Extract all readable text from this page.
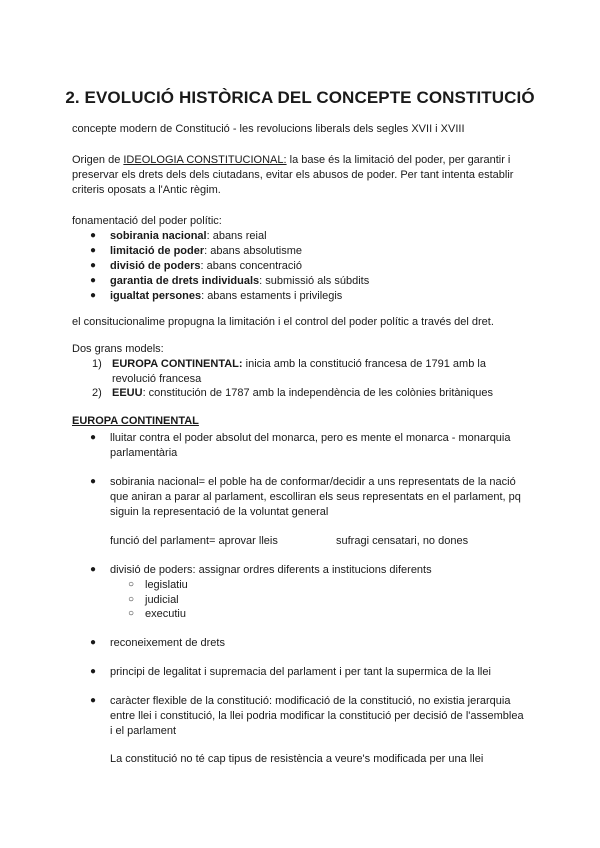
2. EVOLUCIÓ HISTÒRICA DEL CONCEPTE CONSTITUCIÓ

concepte modern de Constitució - les revolucions liberals dels segles XVII i XVIII

Origen de IDEOLOGIA CONSTITUCIONAL: la base és la limitació del poder, per garantir i

preservar els drets dels dels ciutadans, evitar els abusos de poder. Per tant intenta establir

criteris oposats a l'Antic règim.

fonamentació del poder polític:

● sobirania nacional: abans reial
● limitació de poder: abans absolutisme
● divisió de poders: abans concentració
● garantia de drets individuals: submissió als súbdits
● igualtat persones: abans estaments i privilegis

el consitucionalime propugna la limitación i el control del poder polític a través del dret.

Dos grans models:

1) EUROPA CONTINENTAL: inicia amb la constitució francesa de 1791 amb la

revolució francesa

2) EEUU: constitución de 1787 amb la independència de les colònies britàniques

EUROPA CONTINENTAL

● lluitar contra el poder absolut del monarca, pero es mente el monarca - monarquia

parlamentària

● sobirania nacional= el poble ha de conformar/decidir a uns representats de la nació

que aniran a parar al parlament, escolliran els seus representats en el parlament, pq

siguin la representació de la voluntat general

funció del parlament= aprovar lleis	sufragi censatari, no dones

● divisió de poders: assignar ordres diferents a institucions diferents
○ legislatiu
○ judicial
○ executiu
● reconeixement de drets
● principi de legalitat i supremacia del parlament i per tant la supermica de la llei
● caràcter flexible de la constitució: modificació de la constitució, no existia jerarquia

entre llei i constitució, la llei podria modificar la constitució per decisió de l'assemblea

i el parlament

La constitució no té cap tipus de resistència a veure's modificada per una llei
